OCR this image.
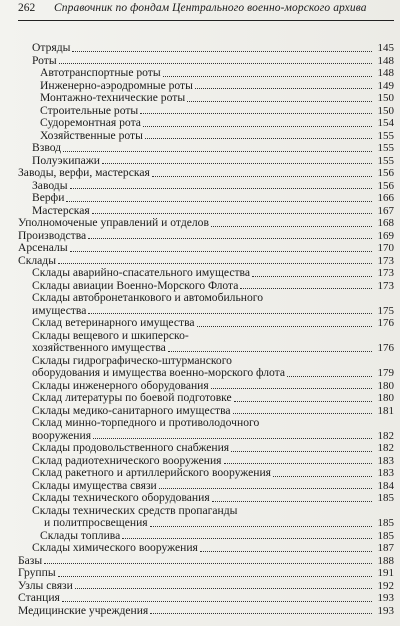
262	Справочник по фондам Центрального военно-морского архива
Отряды	145
Роты	148
Автотранспортные роты	148
Инженерно-аэродромные роты	149
Монтажно-технические роты	150
Строительные роты	150
Судоремонтная рота	154
Хозяйственные роты	155
Взвод	155
Полуэкипажи	155
Заводы, верфи, мастерская	156
Заводы	156
Верфи	166
Мастерская	167
Уполномоченые управлений и отделов	168
Производства	169
Арсеналы	170
Склады	173
Склады аварийно-спасательного имущества	173
Склады авиации Военно-Морского Флота	173
Склады автобронетанкового и автомобильного
имущества	175
Склад ветеринарного имущества	176
Склады вещевого и шкиперско-
хозяйственного имущества	176
Склады гидрографическо-штурманского
оборудования и имущества военно-морского флота	179
Склады инженерного оборудования	180
Склад литературы по боевой подготовке	180
Склады медико-санитарного имущества	181
Склад минно-торпедного и противолодочного
вооружения	182
Склады продовольственного снабжения	182
Склад радиотехнического вооружения	183
Склад ракетного и артиллерийского вооружения	183
Склады имущества связи	184
Склады технического оборудования	185
Склады технических средств пропаганды
и политпросвещения	185
Склады топлива	185
Склады химического вооружения	187
Базы	188
Группы	191
Узлы связи	192
Станция	193
Медицинские учреждения	193
